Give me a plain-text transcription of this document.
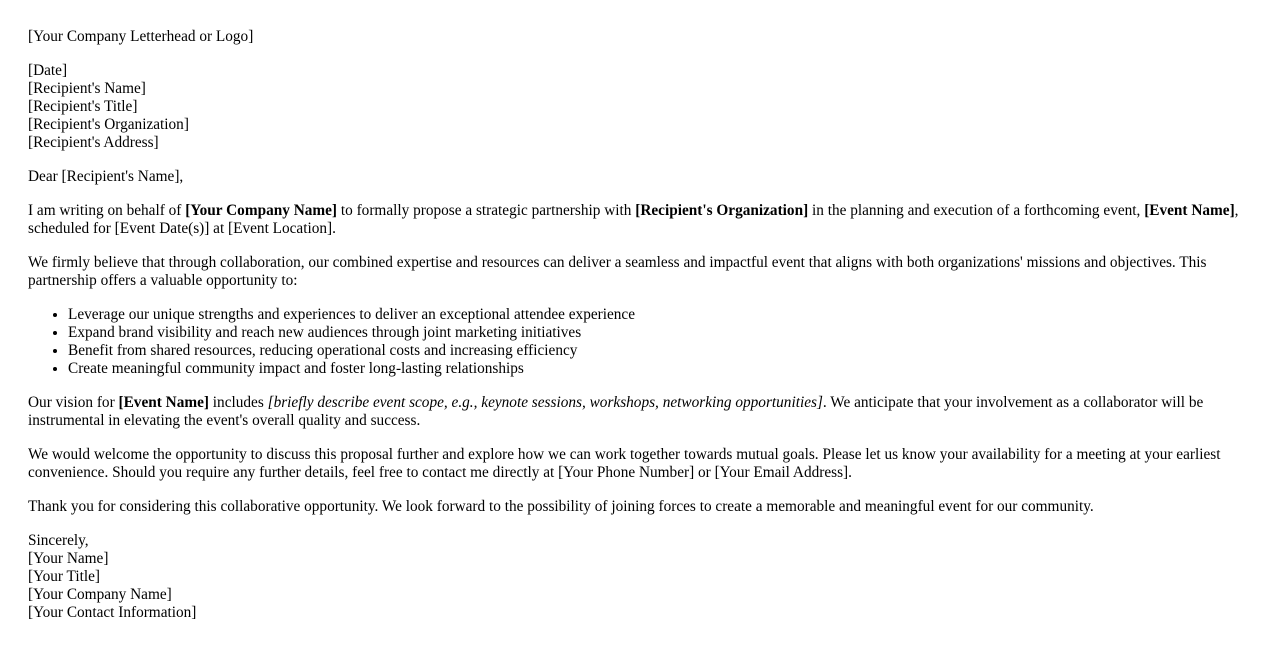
[Your Company Letterhead or Logo]

[Date]
[Recipient's Name]
[Recipient's Title]
[Recipient's Organization]
[Recipient's Address]

Dear [Recipient's Name],

I am writing on behalf of [Your Company Name] to formally propose a strategic partnership with [Recipient's Organization] in the planning and execution of a forthcoming event, [Event Name], scheduled for [Event Date(s)] at [Event Location].

We firmly believe that through collaboration, our combined expertise and resources can deliver a seamless and impactful event that aligns with both organizations' missions and objectives. This partnership offers a valuable opportunity to:

• Leverage our unique strengths and experiences to deliver an exceptional attendee experience
• Expand brand visibility and reach new audiences through joint marketing initiatives
• Benefit from shared resources, reducing operational costs and increasing efficiency
• Create meaningful community impact and foster long-lasting relationships

Our vision for [Event Name] includes [briefly describe event scope, e.g., keynote sessions, workshops, networking opportunities]. We anticipate that your involvement as a collaborator will be instrumental in elevating the event's overall quality and success.

We would welcome the opportunity to discuss this proposal further and explore how we can work together towards mutual goals. Please let us know your availability for a meeting at your earliest convenience. Should you require any further details, feel free to contact me directly at [Your Phone Number] or [Your Email Address].

Thank you for considering this collaborative opportunity. We look forward to the possibility of joining forces to create a memorable and meaningful event for our community.

Sincerely,
[Your Name]
[Your Title]
[Your Company Name]
[Your Contact Information]
